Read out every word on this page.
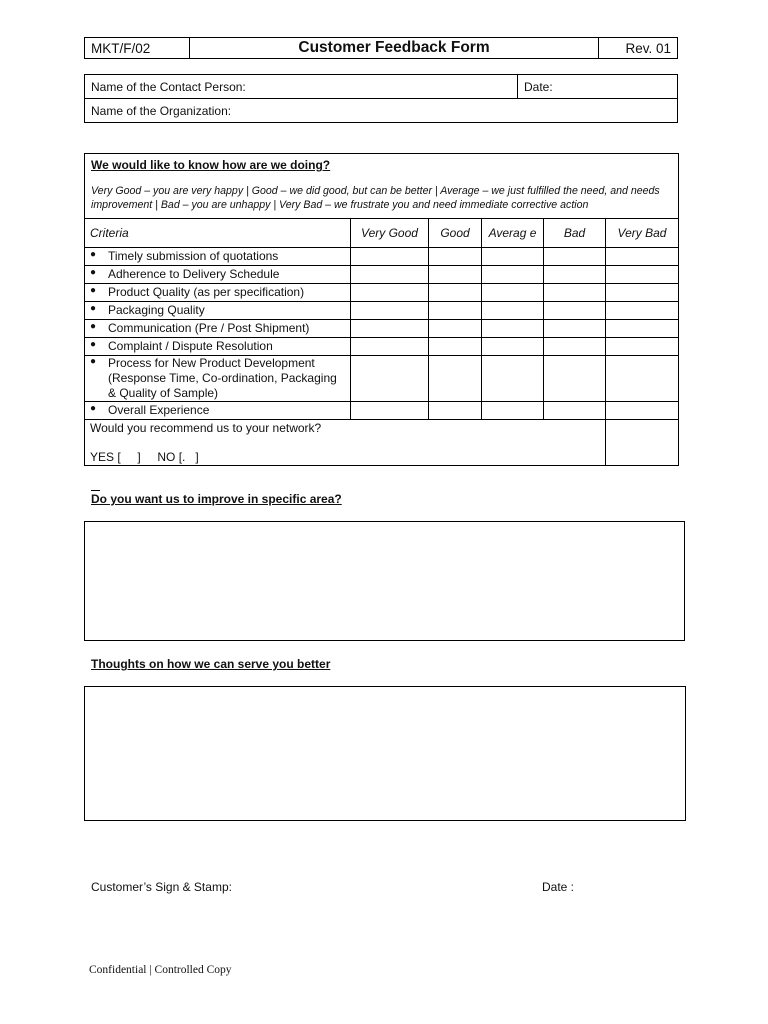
MKT/F/02	Customer Feedback Form	Rev. 01
Name of the Contact Person:	Date:
Name of the Organization:
We would like to know how are we doing?
Very Good – you are very happy | Good – we did good, but can be better | Average – we just fulfilled the need, and needs improvement | Bad – you are unhappy | Very Bad – we frustrate you and need immediate corrective action					

Criteria	Very Good	Good	Averag e	Bad	Very Bad
● Timely submission of quotations					
● Adherence to Delivery Schedule					
● Product Quality (as per specification)					
● Packaging Quality					
● Communication (Pre / Post Shipment)					
● Complaint / Dispute Resolution					
● Process for New Product Development (Response Time, Co-ordination, Packaging & Quality of Sample)					
● Overall Experience					
Would you recommend us to your network?
YES [     ]     NO [.   ]					

Do you want us to improve in specific area?
Thoughts on how we can serve you better
Customer’s Sign & Stamp:	Date :
Confidential | Controlled Copy
